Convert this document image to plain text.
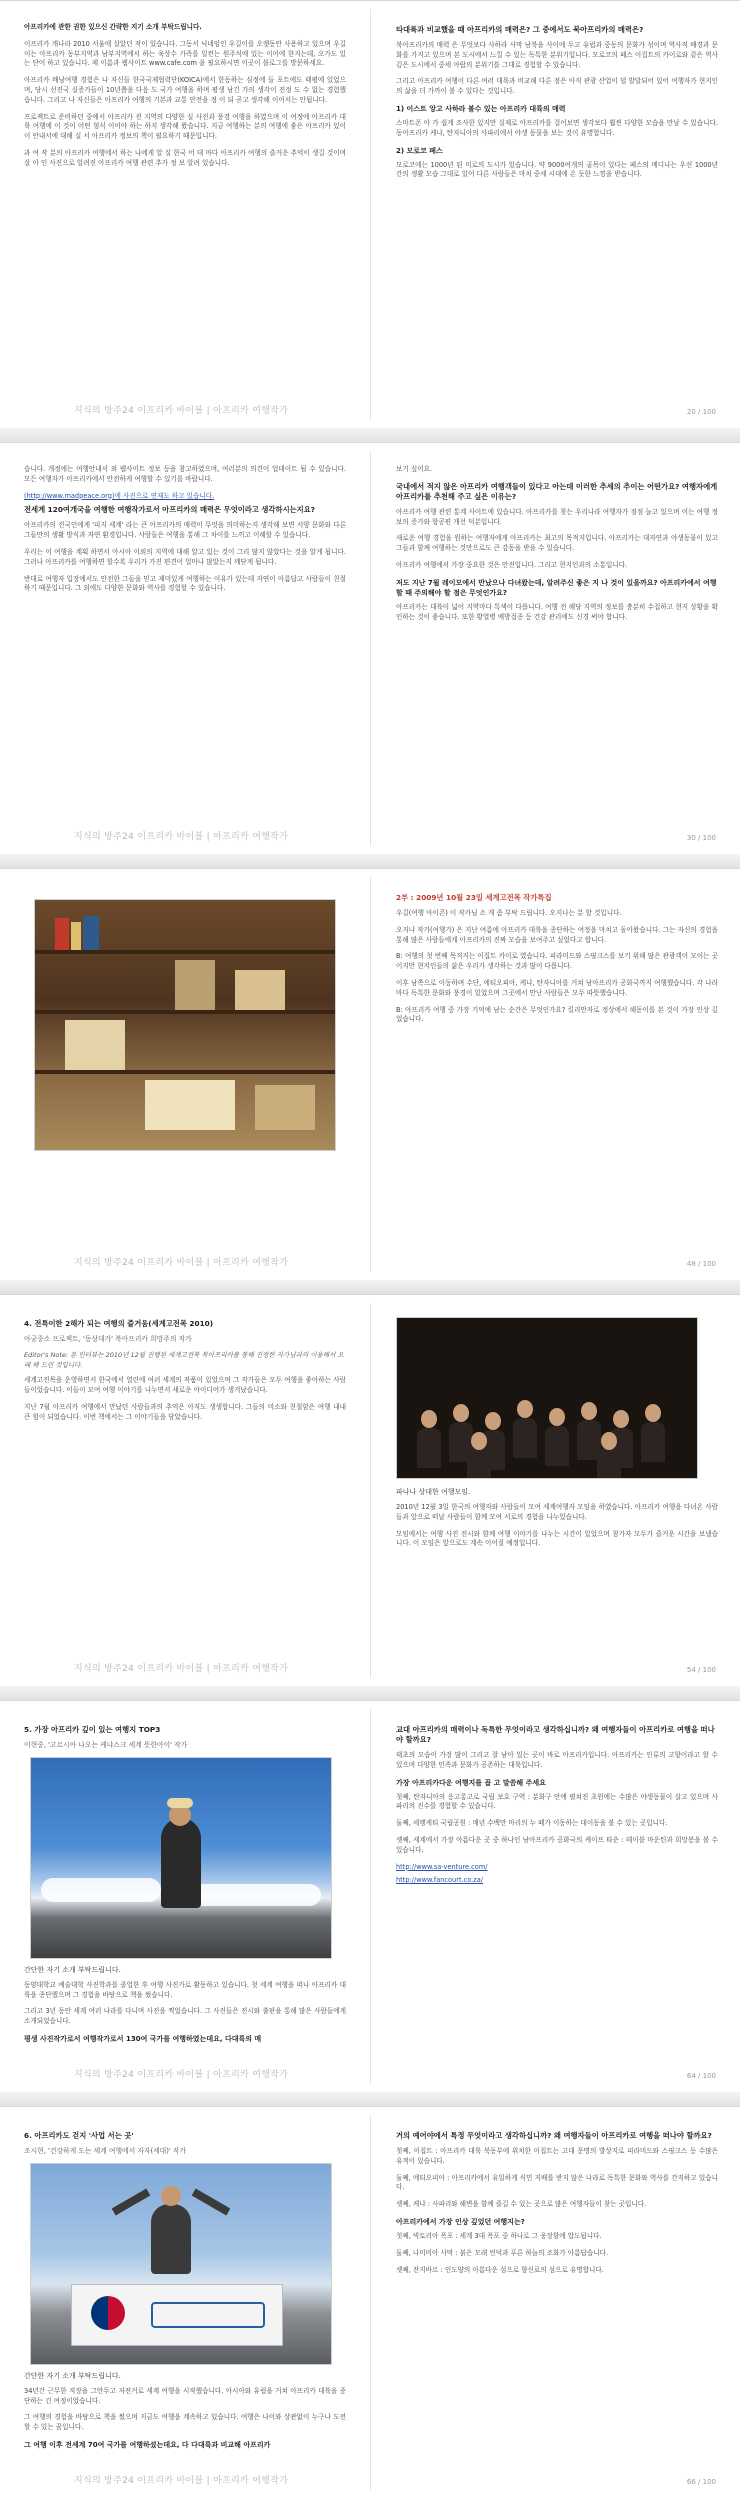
아프리카에 관한 권한 있으신 간략한 지기 소개 부탁드립니다.

이프리카 개나라 2010 서울에 살았던 작이 있습니다. 그동서 닉네임인 우길이를 오랫동안 사용하고 있으며 우길이는 아프리카 동부지역과 남부지역에서 하는 육상수 가족를 일컫는 원주식에 있는 이어에 한지는데, 오가도 있는 단어 하고 있습니다. 제 이름과 웹사이트 www.cafe.com 을 필요하시면 이곳이 블로그를 방문하세요.

아프리카 배낭여행 경험은 나 자신들 한국국제협력단(KOICA)에서 한동하는 심정에 들 포트에도 태평에 있었으며, 당시 선진국 실증가들이 10년쯤을 다음 도 국가 여행을 하며 평생 남긴 가의 생각이 진정 도 수 없는 경험했습니다. 그리고 나 자신들은 아프리카 여행의 기본과 교통 안전을 정 이 되 곧고 생각해 이어서는 안됩니다.

프로젝트로 준비하던 중에서 아프리카 전 지역의 다양한 실 사진과 풍경 여행을 하였으며 이 여정에 아프리카 대륙 여행에 이 것이 어떤 형식 이어야 하는 하지 생각해 왔습니다. 지금 여행하는 분의 여행에 좋은 아프리카 있이 이 안내서에 대해 실 서 아프리카 정보의 책이 필요하기 때문입니다.

과 여 작 분의 아프리카 여행에서 하는 나에게 알 실 한국 어 데 마다 아프리카 여행의 즐거운 추억이 생길 것이며 살 아 인 사진으로 알려진 아프리카 여행 관련 추가 정 보 알려 있습니다.

지식의 방주24 이프리카 바이블 | 아프리카 여행작가
타대륙과 비교했을 때 아프리카의 매력은? 그 중에서도 북아프리카의 매력은?

북아프리카의 매력 은 무엇보다 사하라 사막 남북을 사이에 두고 유럽과 중동의 문화가 섞이며 역사적 배경과 문화를 가지고 있으며 본 도시에서 느낄 수 있는 독특한 분위기입니다. 모로코의 페스 이집트의 카이로와 같은 역사 깊은 도시에서 중세 아랍의 분위기를 그대로 경험할 수 있습니다.

그리고 아프리카 여행이 다른 여러 대륙과 비교해 다른 점은 아직 관광 산업이 덜 발달되어 있어 여행자가 현지인의 삶을 더 가까이 볼 수 있다는 것입니다.

1) 이스트 앙고 사하라 볼수 있는 아프리카 대륙의 매력

스마트폰 아 가 쉽게 조사한 있지만 실제로 아프리카를 걸어보면 생각보다 훨씬 다양한 모습을 만날 수 있습니다. 동아프리카 케냐, 탄자니아의 사파리에서 야생 동물을 보는 것이 유명합니다.

2) 모로코 페스

모로코에는 1000년 된 미로의 도시가 있습니다. 약 9000여개의 골목이 있다는 페스의 메디나는 우선 1000년 간의 생활 모습 그대로 있어 다른 사람들은 마치 중세 시대에 온 듯한 느낌을 받습니다.

20 / 100

습니다. 개정에는 여행안내서 외 웹사이트 정보 등을 참고하였으며, 여러분의 의견이 업데이트 될 수 있습니다. 모든 여행자가 아프리카에서 안전하게 여행할 수 있기를 바랍니다.

(http://www.madpeace.org)에 사진으로 연재도 하고 있습니다.

전세계 120여개국을 여행한 여행작가로서 아프리카의 매력은 무엇이라고 생각하시는지요?

아프리카의 진국인에게 '피지 세계' 라는 큰 아프리카의 매력이 무엇을 의미하는지 생각해 보면 서양 문화와 다른 그들만의 생활 방식과 자연 환경입니다. 사람들은 여행을 통해 그 차이를 느끼고 이해할 수 있습니다.

우리는 이 여행을 계획 하면서 아시아 이외의 지역에 대해 알고 있는 것이 그리 많지 않았다는 것을 알게 됩니다. 그러나 아프리카를 여행하면 할수록 우리가 가진 편견이 얼마나 많았는지 깨닫게 됩니다.

반대로 여행자 입장에서도 안전한 그들을 믿고 재미있게 여행하는 이유가 있는데 자연이 아름답고 사람들이 친절하기 때문입니다. 그 외에도 다양한 문화와 역사를 경험할 수 있습니다.

지식의 방주24 이프리카 바이블 | 아프리카 여행작가

보기 싶어요.

국내에서 적지 않은 아프리카 여행객들이 있다고 아는데 이러한 추세의 추이는 어떤가요? 여행자에게 아프리카를 추천해 주고 싶은 이유는?

아프리카 여행 관련 통계 사이트에 있습니다. 아프리카를 찾는 우리나라 여행자가 점점 늘고 있으며 이는 여행 정보의 증가와 항공편 개선 덕분입니다.

새로운 여행 경험을 원하는 여행자에게 아프리카는 최고의 목적지입니다. 아프리카는 대자연과 야생동물이 있고 그들과 함께 여행하는 것만으로도 큰 감동을 받을 수 있습니다.

아프리카 여행에서 가장 중요한 것은 안전입니다. 그리고 현지인과의 소통입니다.

저도 지난 7월 레이모에서 만났으나 다녀왔는데, 알려주신 좋은 지 나 것이 있을까요? 아프리카에서 여행할 때 주의해야 할 점은 무엇인가요?

아프리카는 대륙이 넓어 지역마다 특색이 다릅니다. 여행 전 해당 지역의 정보를 충분히 수집하고 현지 상황을 확인하는 것이 좋습니다. 또한 황열병 예방접종 등 건강 관리에도 신경 써야 합니다.

30 / 100
지식의 방주24 이프리카 바이블 | 아프리카 여행작가
2부 : 2009년 10월 23일 세계고전목 작가특집

우길(여행 아이콘) 이 작가님 소 개 좀 부탁 드립니다. 오지나는 분 할 것입니다.

오지나 작가(여행가) 은 지난 여름에 아프리카 대륙을 종단하는 여정을 마치고 돌아왔습니다. 그는 자신의 경험을 통해 많은 사람들에게 아프리카의 진짜 모습을 보여주고 싶었다고 합니다.

B: 여행의 첫 번째 목적지는 이집트 카이로 였습니다. 피라미드와 스핑크스를 보기 위해 많은 관광객이 모이는 곳이지만 현지인들의 삶은 우리가 생각하는 것과 많이 다릅니다.

이후 남쪽으로 이동하며 수단, 에티오피아, 케냐, 탄자니아를 거쳐 남아프리카 공화국까지 여행했습니다. 각 나라마다 독특한 문화와 풍경이 있었으며 그곳에서 만난 사람들은 모두 따뜻했습니다.

B: 아프리카 여행 중 가장 기억에 남는 순간은 무엇인가요? 킬리만자로 정상에서 해돋이를 본 것이 가장 인상 깊었습니다.

48 / 100
4. 전특이한 2해가 되는 여행의 즐거움(세계고전목 2010)
아궁중소 프로젝트, '동상대가' 북아프리카 희망주의 작가
Editor's Note: 본 인터뷰는 2010년 12월 진행된 세계고전목 북아프리카를 통해 진정한 자가님과의 이용해서 오래 해 드린 것입니다.

세계고전목을 운영하면서 한국에서 열린에 여러 세계의 작품이 있었으며 그 작가들은 모두 여행을 좋아하는 사람들이었습니다. 이들이 모여 여행 이야기를 나누면서 새로운 아이디어가 생겨났습니다.

지난 7월 아프리카 여행에서 만났던 사람들과의 추억은 아직도 생생합니다. 그들의 미소와 친절함은 여행 내내 큰 힘이 되었습니다. 이번 책에서는 그 이야기들을 담았습니다.

지식의 방주24 이프리카 바이블 | 아프리카 여행작가
파나나 상대한 여행모임.

2010년 12월 3일 한국의 여행자와 사람들이 모여 세계여행자 모임을 하였습니다. 아프리카 여행을 다녀온 사람들과 앞으로 떠날 사람들이 함께 모여 서로의 경험을 나누었습니다.

모임에서는 여행 사진 전시와 함께 여행 이야기를 나누는 시간이 있었으며 참가자 모두가 즐거운 시간을 보냈습니다. 이 모임은 앞으로도 계속 이어질 예정입니다.

54 / 100
5. 가장 아프리카 깊이 있는 여행지 TOP3
이현중, '고르시아 나오는 케냐스크 세계 뜻한아이' 작가
간단한 자기 소개 부탁드립니다.

동양대학교 예술대학 사진학과를 졸업한 후 여행 사진가로 활동하고 있습니다. 첫 세계 여행을 떠나 아프리카 대륙을 종단했으며 그 경험을 바탕으로 책을 썼습니다.

그리고 3년 동안 세계 여러 나라를 다니며 사진을 찍었습니다. 그 사진들은 전시와 출판을 통해 많은 사람들에게 소개되었습니다.

평생 사진작가로서 여행작가로서 130여 국가를 여행하였는데요, 다대륙의 매
지식의 방주24 이프리카 바이블 | 아프리카 여행작가
교대 아프리카의 매력이나 독특한 무엇이라고 생각하십니까? 왜 여행자들이 아프리카로 여행을 떠나야 할까요?

태초의 모습이 가장 많이 그리고 잘 남아 있는 곳이 바로 아프리카입니다. 아프리카는 인류의 고향이라고 할 수 있으며 다양한 민족과 문화가 공존하는 대륙입니다.

가장 아프리카다운 여행지를 꼽 고 말씀해 주세요

첫째, 탄자니아의 응고롱고로 국립 보호 구역 : 분화구 안에 펼쳐진 초원에는 수많은 야생동물이 살고 있으며 사파리의 진수를 경험할 수 있습니다.

둘째, 세렝게티 국립공원 : 매년 수백만 마리의 누 떼가 이동하는 대이동을 볼 수 있는 곳입니다.

셋째, 세계에서 가장 아름다운 곳 중 하나인 남아프리카 공화국의 케이프 타운 : 테이블 마운틴과 희망봉을 볼 수 있습니다.

http://www.sa-venture.com/

http://www.fancourt.co.za/

64 / 100
6. 아프리카도 걷지 '사업 서는 곳'
조시현, '건강하게 도는 세계 여행에서 자자(세대)' 작가
간단한 자기 소개 부탁드립니다.

34년간 근무한 직장을 그만두고 자전거로 세계 여행을 시작했습니다. 아시아와 유럽을 거쳐 아프리카 대륙을 종단하는 긴 여정이었습니다.

그 여행의 경험을 바탕으로 책을 썼으며 지금도 여행을 계속하고 있습니다. 여행은 나이와 상관없이 누구나 도전할 수 있는 꿈입니다.

그 여행 이후 전세계 70여 국가를 여행하셨는데요, 다 다대륙과 비교해 아프리카
지식의 방주24 이프리카 바이블 | 아프리카 여행작가
거의 예어야에서 특정 무엇이라고 생각하십니까? 왜 여행자들이 아프리카로 여행을 떠나야 할까요?

첫째, 이집트 : 아프리카 대륙 북동부에 위치한 이집트는 고대 문명의 발상지로 피라미드와 스핑크스 등 수많은 유적이 있습니다.

둘째, 에티오피아 : 아프리카에서 유일하게 식민 지배를 받지 않은 나라로 독특한 문화와 역사를 간직하고 있습니다.

셋째, 케냐 : 사파리와 해변을 함께 즐길 수 있는 곳으로 많은 여행자들이 찾는 곳입니다.

아프리카에서 가장 인상 깊었던 여행지는?

첫째, 빅토리아 폭포 : 세계 3대 폭포 중 하나로 그 웅장함에 압도됩니다.

둘째, 나미비아 사막 : 붉은 모래 언덕과 푸른 하늘의 조화가 아름답습니다.

셋째, 잔지바르 : 인도양의 아름다운 섬으로 향신료의 섬으로 유명합니다.

66 / 100
